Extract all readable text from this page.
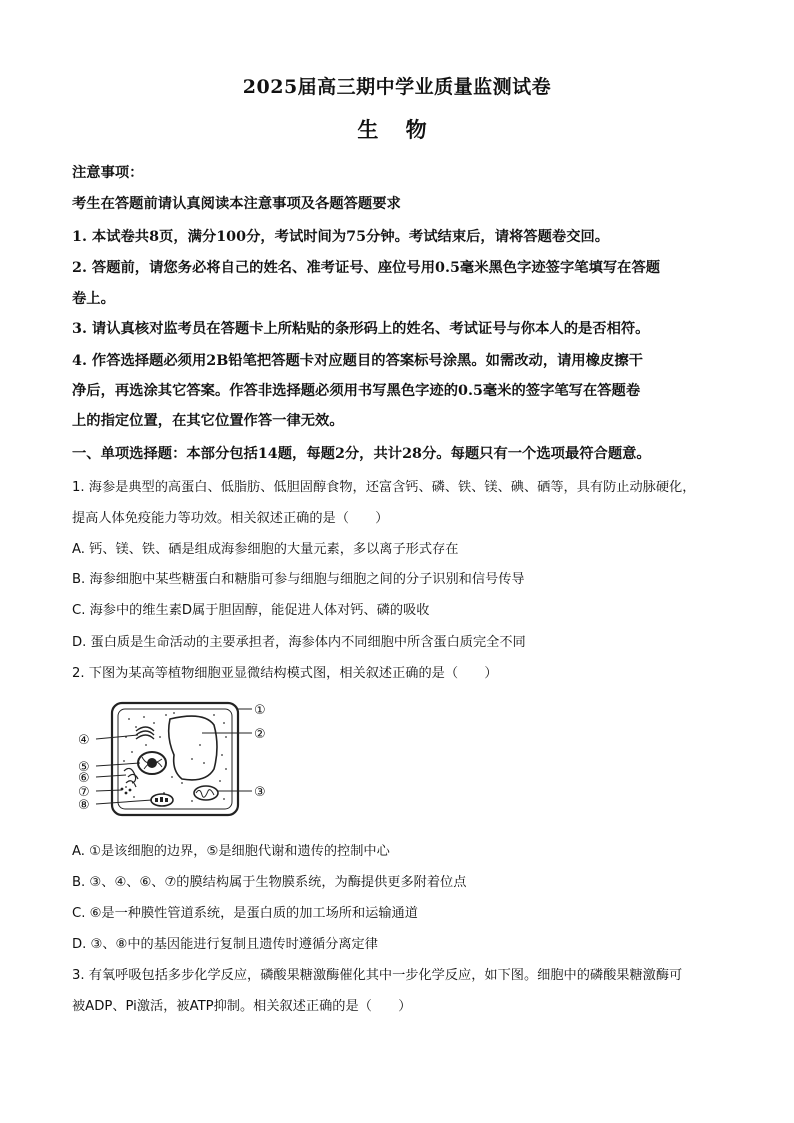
2025届高三期中学业质量监测试卷
生 物
注意事项：
考生在答题前请认真阅读本注意事项及各题答题要求
1. 本试卷共8页，满分100分，考试时间为75分钟。考试结束后，请将答题卷交回。
2. 答题前，请您务必将自己的姓名、准考证号、座位号用0.5毫米黑色字迹签字笔填写在答题
卷上。
3. 请认真核对监考员在答题卡上所粘贴的条形码上的姓名、考试证号与你本人的是否相符。
4. 作答选择题必须用2B铅笔把答题卡对应题目的答案标号涂黑。如需改动，请用橡皮擦干
净后，再选涂其它答案。作答非选择题必须用书写黑色字迹的0.5毫米的签字笔写在答题卷
上的指定位置，在其它位置作答一律无效。
一、单项选择题：本部分包括14题，每题2分，共计28分。每题只有一个选项最符合题意。
1. 海参是典型的高蛋白、低脂肪、低胆固醇食物，还富含钙、磷、铁、镁、碘、硒等，具有防止动脉硬化，
提高人体免疫能力等功效。相关叙述正确的是（　　）
A. 钙、镁、铁、硒是组成海参细胞的大量元素，多以离子形式存在
B. 海参细胞中某些糖蛋白和糖脂可参与细胞与细胞之间的分子识别和信号传导
C. 海参中的维生素D属于胆固醇，能促进人体对钙、磷的吸收
D. 蛋白质是生命活动的主要承担者，海参体内不同细胞中所含蛋白质完全不同
2. 下图为某高等植物细胞亚显微结构模式图，相关叙述正确的是（　　）
①
②
③
④
⑤
⑥
⑦
⑧
A. ①是该细胞的边界，⑤是细胞代谢和遗传的控制中心
B. ③、④、⑥、⑦的膜结构属于生物膜系统，为酶提供更多附着位点
C. ⑥是一种膜性管道系统，是蛋白质的加工场所和运输通道
D. ③、⑧中的基因能进行复制且遗传时遵循分离定律
3. 有氧呼吸包括多步化学反应，磷酸果糖激酶催化其中一步化学反应，如下图。细胞中的磷酸果糖激酶可
被ADP、Pi激活，被ATP抑制。相关叙述正确的是（　　）
